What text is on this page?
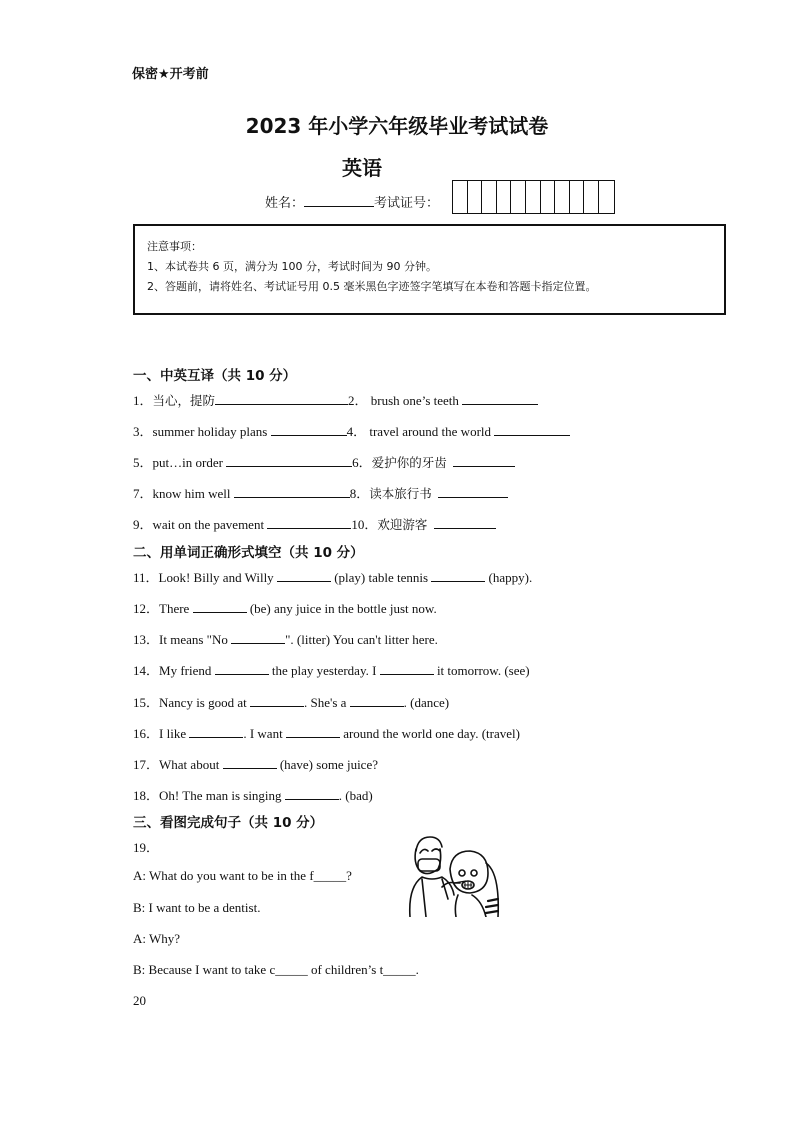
保密★开考前
2023 年小学六年级毕业考试试卷
英语
姓名：	考试证号：

注意事项：

1、本试卷共 6 页，满分为 100 分，考试时间为 90 分钟。

2、答题前，请将姓名、考试证号用 0.5 毫米黑色字迹签字笔填写在本卷和答题卡指定位置。

一、中英互译（共 10 分）
1．当心，提防	2． brush one’s teeth
3．summer holiday plans	4． travel around the world
5．put…in order	6．爱护你的牙齿
7．know him well	8．读本旅行书
9．wait on the pavement	10．欢迎游客
二、用单词正确形式填空（共 10 分）
11．Look! Billy and Willy	(play) table tennis	(happy).
12．There	(be) any juice in the bottle just now.
13．It means "No	". (litter) You can't litter here.
14．My friend	the play yesterday. I	it tomorrow. (see)
15．Nancy is good at	. She's a	. (dance)
16．I like	. I want	around the world one day. (travel)
17．What about	(have) some juice?
18．Oh! The man is singing	. (bad)
三、看图完成句子（共 10 分）
19．
A: What do you want to be in the f_____?
B: I want to be a dentist.
A: Why?
B: Because I want to take c_____ of children’s t_____.
20
